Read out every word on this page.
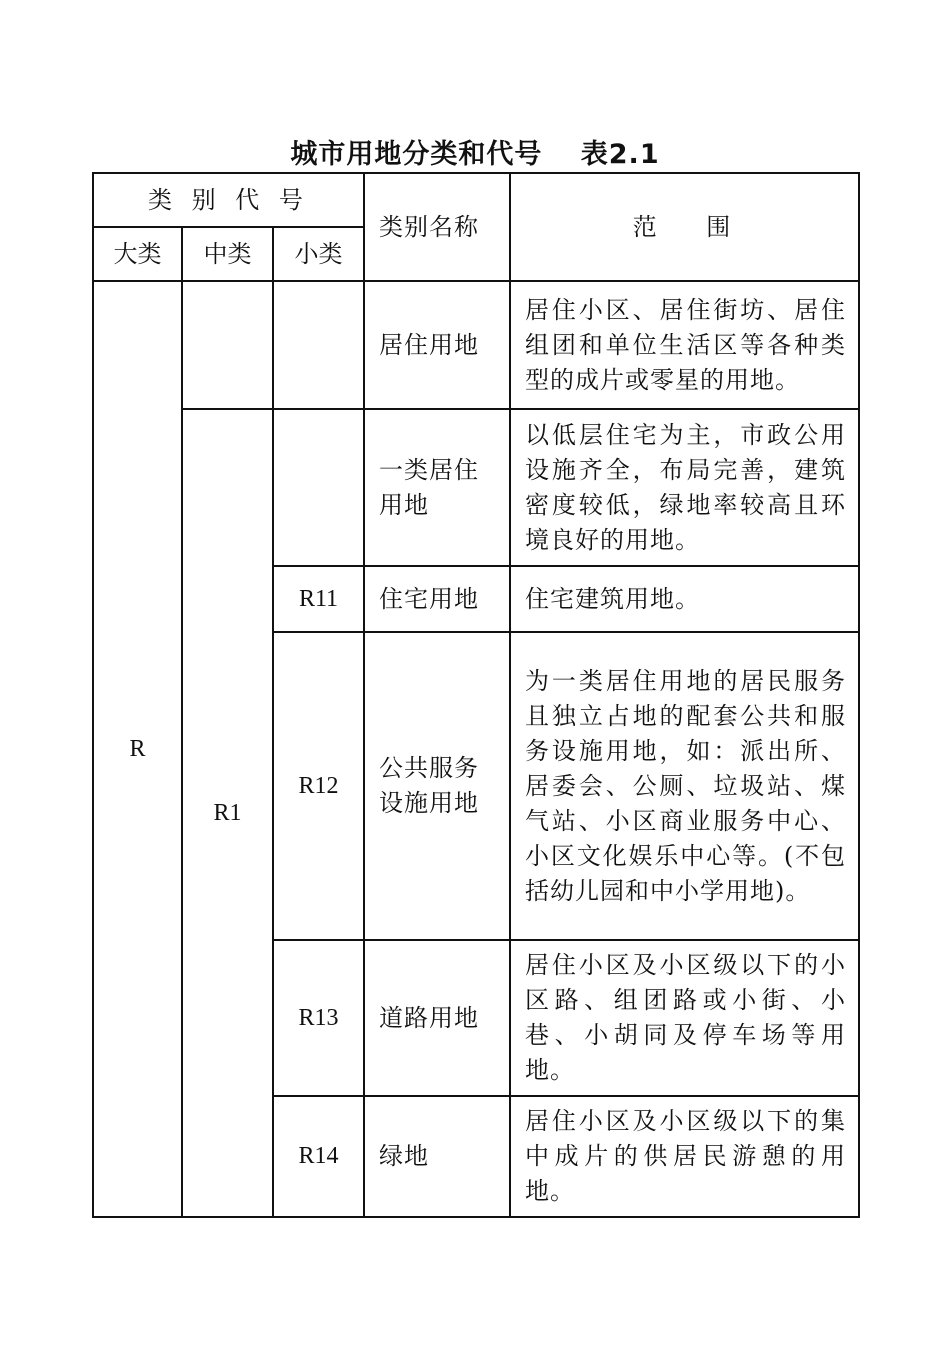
城市用地分类和代号　 表2.1
类 别 代 号			类别名称	范　 围
大类	中类	小类		
R			居住用地	居住小区、居住街坊、居住组团和单位生活区等各种类型的成片或零星的用地。

	R1		一类居住用地	以低层住宅为主，市政公用设施齐全，布局完善，建筑密度较低，绿地率较高且环境良好的用地。

		R11	住宅用地	住宅建筑用地。

		R12	公共服务设施用地	为一类居住用地的居民服务且独立占地的配套公共和服务设施用地，如：派出所、居委会、公厕、垃圾站、煤气站、小区商业服务中心、小区文化娱乐中心等。(不包括幼儿园和中小学用地)。

		R13	道路用地	居住小区及小区级以下的小区路、组团路或小街、小巷、小胡同及停车场等用地。

		R14	绿地	居住小区及小区级以下的集中成片的供居民游憩的用地。
